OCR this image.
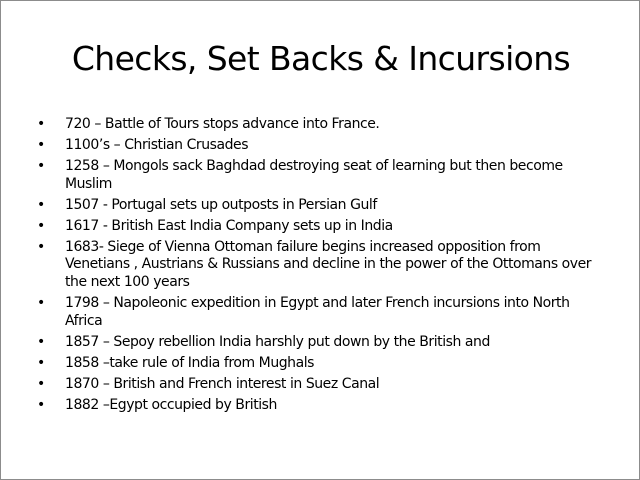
Checks, Set Backs & Incursions
• 720 – Battle of Tours stops advance into France.
• 1100’s – Christian Crusades
• 1258 – Mongols sack Baghdad destroying seat of learning but then become Muslim
• 1507 - Portugal sets up outposts in Persian Gulf
• 1617 - British East India Company sets up in India
• 1683- Siege of Vienna Ottoman failure begins increased opposition from Venetians , Austrians & Russians and decline in the power of the Ottomans over the next 100 years
• 1798 – Napoleonic expedition in Egypt and later French incursions into North Africa
• 1857 – Sepoy rebellion India harshly put down by the British and
• 1858 –take rule of India from Mughals
• 1870 – British and French interest in Suez Canal
• 1882 –Egypt occupied by British
